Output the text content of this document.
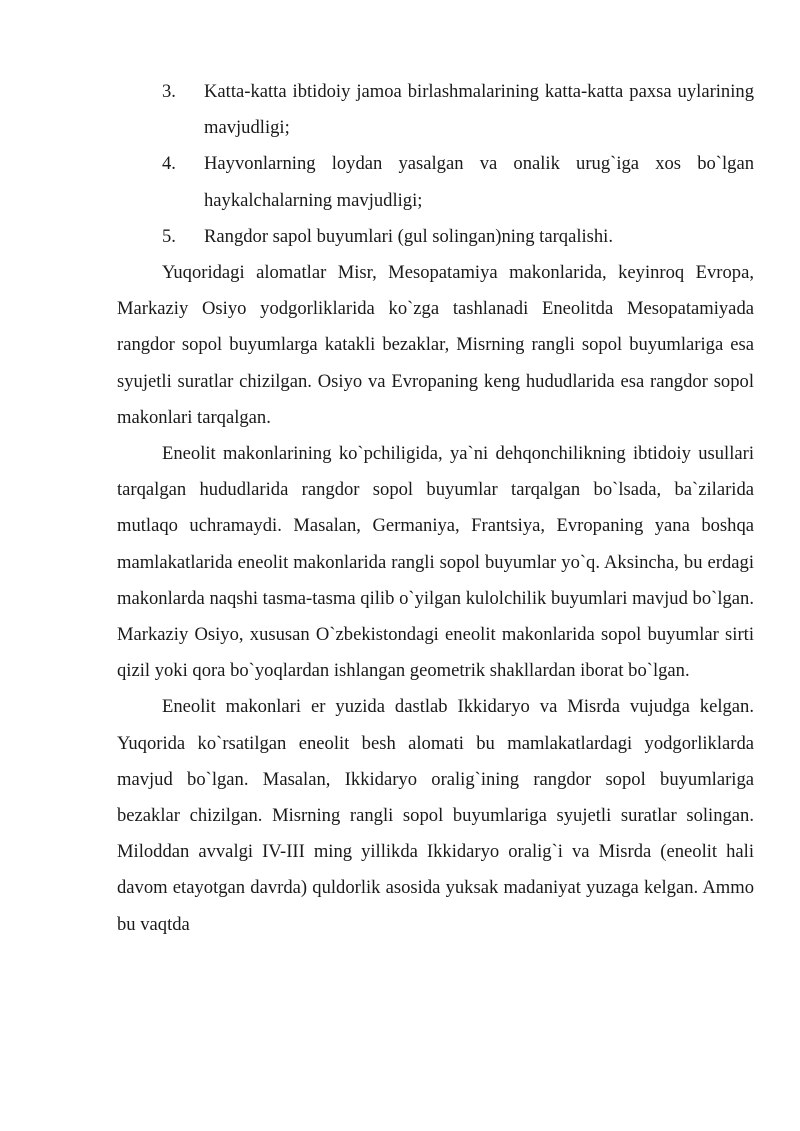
3. Katta-katta ibtidoiy jamoa birlashmalarining katta-katta paxsa uylarining mavjudligi;
4. Hayvonlarning loydan yasalgan va onalik urug`iga xos bo`lgan haykalchalarning mavjudligi;
5. Rangdor sapol buyumlari (gul solingan)ning tarqalishi.

Yuqoridagi alomatlar Misr, Mesopatamiya makonlarida, keyinroq Evropa, Markaziy Osiyo yodgorliklarida ko`zga tashlanadi Eneolitda Mesopatamiyada rangdor sopol buyumlarga katakli bezaklar, Misrning rangli sopol buyumlariga esa syujetli suratlar chizilgan. Osiyo va Evropaning keng hududlarida esa rangdor sopol makonlari tarqalgan.

Eneolit makonlarining ko`pchiligida, ya`ni dehqonchilikning ibtidoiy usullari tarqalgan hududlarida rangdor sopol buyumlar tarqalgan bo`lsada, ba`zilarida mutlaqo uchramaydi. Masalan, Germaniya, Frantsiya, Evropaning yana boshqa mamlakatlarida eneolit makonlarida rangli sopol buyumlar yo`q. Aksincha, bu erdagi makonlarda naqshi tasma-tasma qilib o`yilgan kulolchilik buyumlari mavjud bo`lgan. Markaziy Osiyo, xususan O`zbekistondagi eneolit makonlarida sopol buyumlar sirti qizil yoki qora bo`yoqlardan ishlangan geometrik shakllardan iborat bo`lgan.

Eneolit makonlari er yuzida dastlab Ikkidaryo va Misrda vujudga kelgan. Yuqorida ko`rsatilgan eneolit besh alomati bu mamlakatlardagi yodgorliklarda mavjud bo`lgan. Masalan, Ikkidaryo oralig`ining rangdor sopol buyumlariga bezaklar chizilgan. Misrning rangli sopol buyumlariga syujetli suratlar solingan. Miloddan avvalgi IV-III ming yillikda Ikkidaryo oralig`i va Misrda (eneolit hali davom etayotgan davrda) quldorlik asosida yuksak madaniyat yuzaga kelgan. Ammo bu vaqtda
